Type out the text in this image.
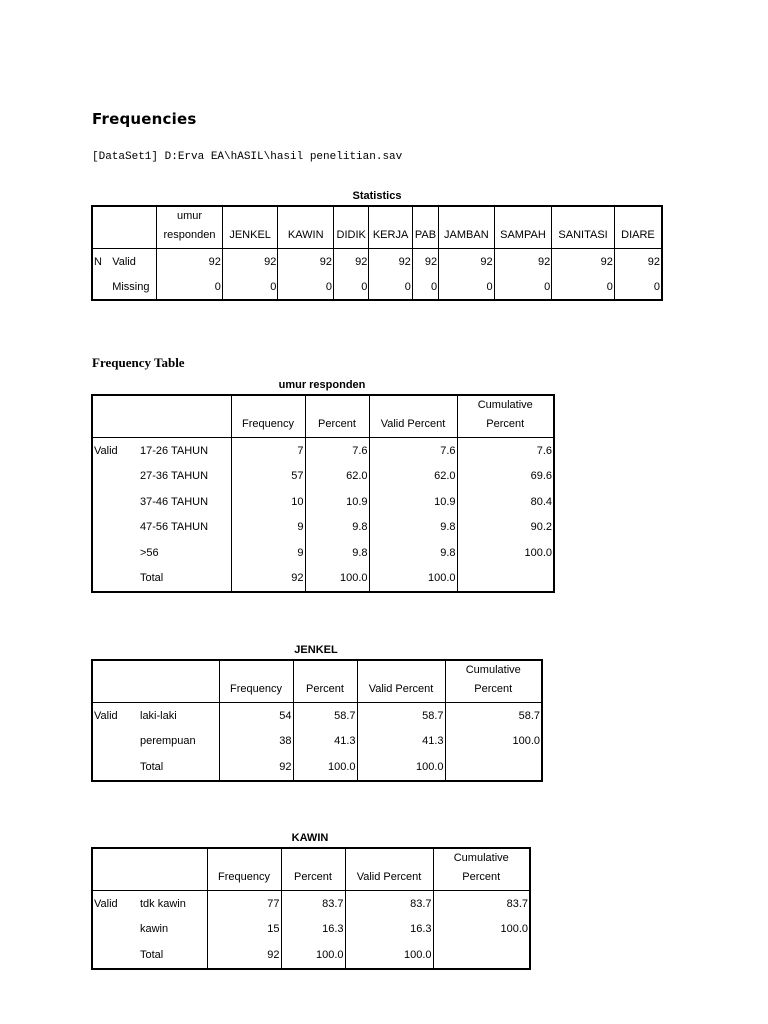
Frequencies
[DataSet1] D:Erva EA\hASIL\hasil penelitian.sav
Statistics
		umur responden	JENKEL	KAWIN	DIDIK	KERJA	PAB	JAMBAN	SAMPAH	SANITASI	DIARE
N	Valid	92	92	92	92	92	92	92	92	92	92
	Missing	0	0	0	0	0	0	0	0	0	0
Frequency Table
umur responden
		Frequency	Percent	Valid Percent	Cumulative
Percent

Valid	17-26 TAHUN	7	7.6	7.6	7.6
	27-36 TAHUN	57	62.0	62.0	69.6
	37-46 TAHUN	10	10.9	10.9	80.4
	47-56 TAHUN	9	9.8	9.8	90.2
	>56	9	9.8	9.8	100.0
	Total	92	100.0	100.0	
JENKEL
		Frequency	Percent	Valid Percent	Cumulative
Percent

Valid	laki-laki	54	58.7	58.7	58.7
	perempuan	38	41.3	41.3	100.0
	Total	92	100.0	100.0	
KAWIN
		Frequency	Percent	Valid Percent	Cumulative
Percent

Valid	tdk kawin	77	83.7	83.7	83.7
	kawin	15	16.3	16.3	100.0
	Total	92	100.0	100.0	
